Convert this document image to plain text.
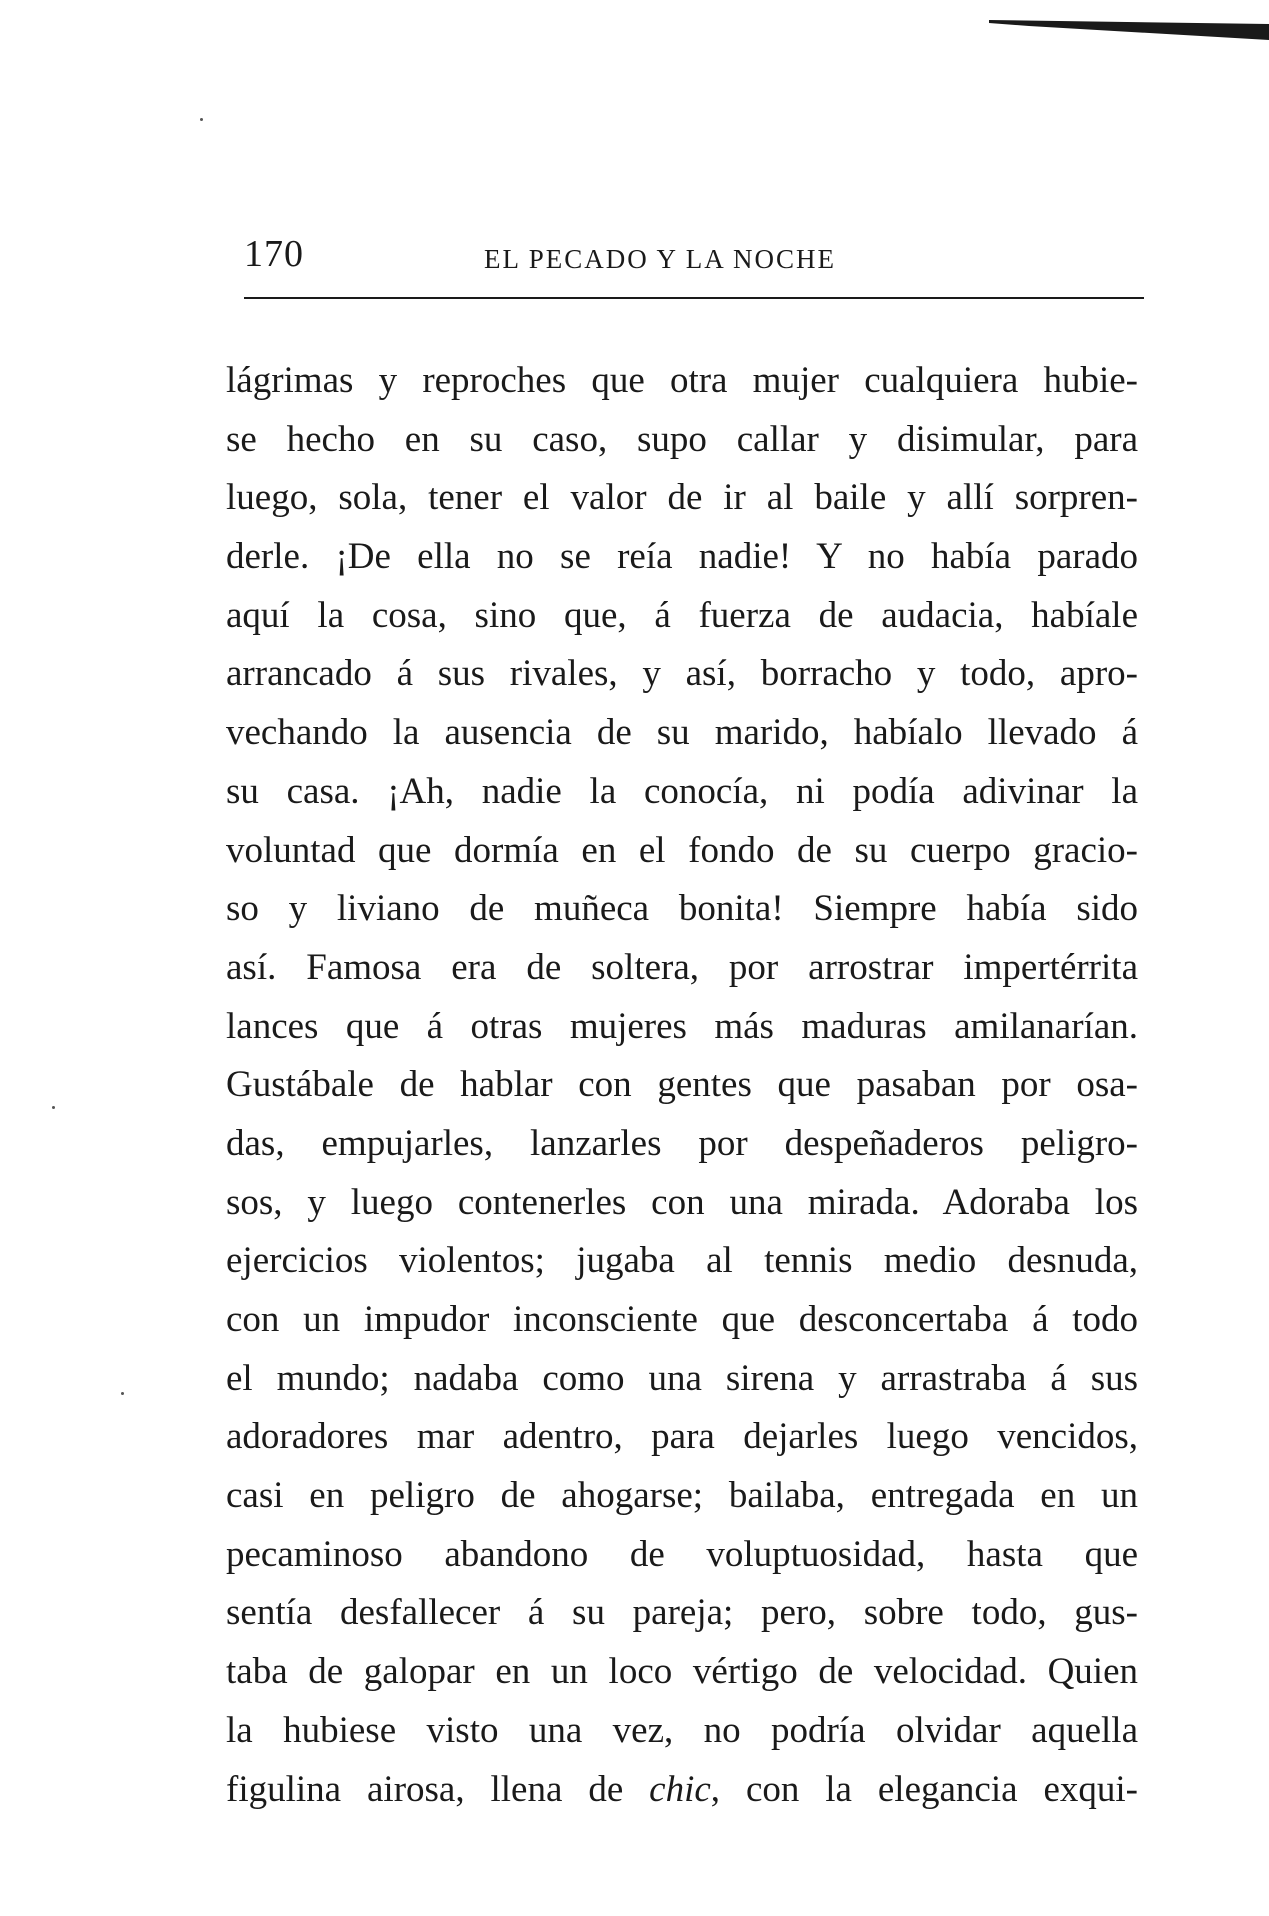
170	EL PECADO Y LA NOCHE
lágrimas y reproches que otra mujer cualquiera hubie-
se hecho en su caso, supo callar y disimular, para
luego, sola, tener el valor de ir al baile y allí sorpren-
derle. ¡De ella no se reía nadie! Y no había parado
aquí la cosa, sino que, á fuerza de audacia, habíale
arrancado á sus rivales, y así, borracho y todo, apro-
vechando la ausencia de su marido, habíalo llevado á
su casa. ¡Ah, nadie la conocía, ni podía adivinar la
voluntad que dormía en el fondo de su cuerpo gracio-
so y liviano de muñeca bonita! Siempre había sido
así. Famosa era de soltera, por arrostrar impertérrita
lances que á otras mujeres más maduras amilanarían.
Gustábale de hablar con gentes que pasaban por osa-
das, empujarles, lanzarles por despeñaderos peligro-
sos, y luego contenerles con una mirada. Adoraba los
ejercicios violentos; jugaba al tennis medio desnuda,
con un impudor inconsciente que desconcertaba á todo
el mundo; nadaba como una sirena y arrastraba á sus
adoradores mar adentro, para dejarles luego vencidos,
casi en peligro de ahogarse; bailaba, entregada en un
pecaminoso abandono de voluptuosidad, hasta que
sentía desfallecer á su pareja; pero, sobre todo, gus-
taba de galopar en un loco vértigo de velocidad. Quien
la hubiese visto una vez, no podría olvidar aquella
figulina airosa, llena de chic, con la elegancia exqui-
